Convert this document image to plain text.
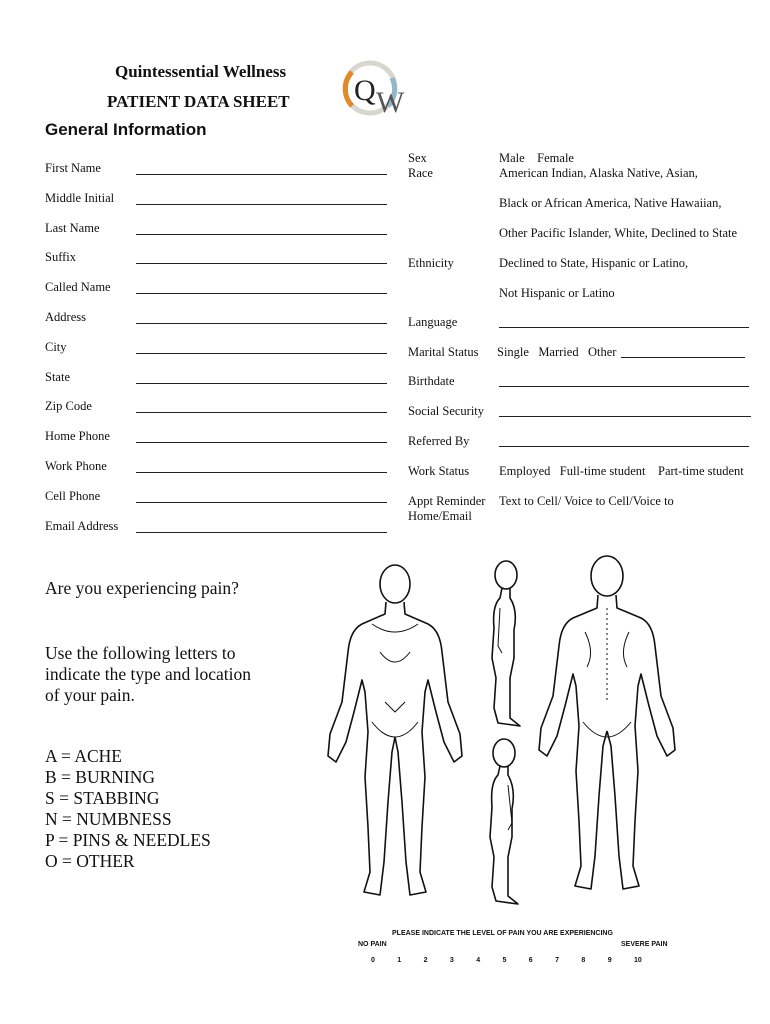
Quintessential Wellness
PATIENT DATA SHEET Q W
General Information
First Name
Middle Initial
Last Name
Suffix
Called Name
Address
City
State
Zip Code
Home Phone
Work Phone
Cell Phone
Email Address
Sex	Male    Female
Race	American Indian, Alaska Native, Asian,
Black or African America, Native Hawaiian,
Other Pacific Islander, White, Declined to State
Ethnicity	Declined to State, Hispanic or Latino,
Not Hispanic or Latino
Language
Marital Status Single   Married   Other
Birthdate
Social Security
Referred By
Work Status Employed   Full-time student    Part-time student
Appt Reminder
Home/Email
Text to Cell/ Voice to Cell/Voice to
Are you experiencing pain?
Use the following letters to
indicate the type and location
of your pain.
A = ACHE
B = BURNING
S = STABBING
N = NUMBNESS
P = PINS & NEEDLES
O = OTHER
PLEASE INDICATE THE LEVEL OF PAIN YOU ARE EXPERIENCING
NO PAIN	SEVERE PAIN
0	1	2	3	4	5	6	7	8	9	10
